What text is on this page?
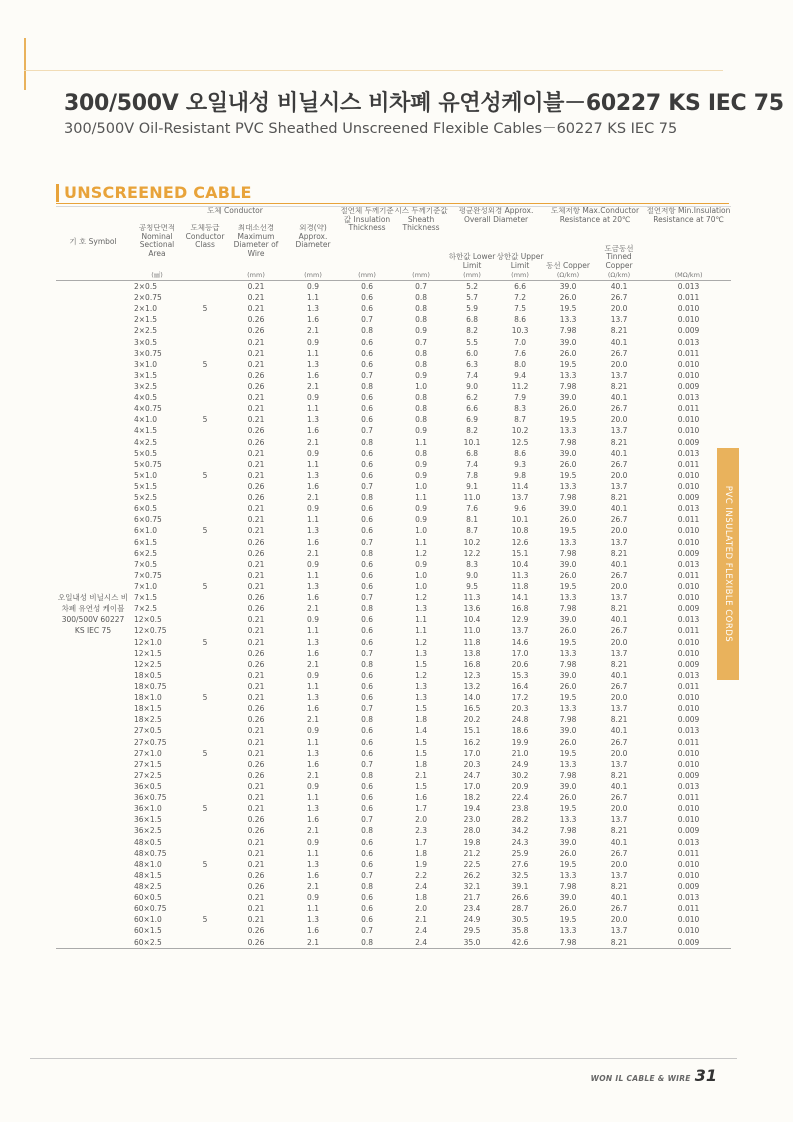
300/500V 오일내성 비닐시스 비차폐 유연성케이블－60227 KS IEC 75
300/500V Oil-Resistant PVC Sheathed Unscreened Flexible Cables－60227 KS IEC 75
UNSCREENED CABLE
기 호 Symbol	도체 Conductor				절연체 두께기준값 Insulation Thickness	시스 두께기준값 Sheath Thickness	평균완성외경 Approx. Overall Diameter		도체저항 Max.Conductor Resistance at 20℃		절연저항 Min.Insulation Resistance at 70℃
	공칭단면적 Nominal Sectional Area	도체등급 Conductor Class	최대소선경 Maximum Diameter of Wire	외경(약) Approx. Diameter			하한값 Lower Limit	상한값 Upper Limit	동선 Copper	도금동선 Tinned Copper	
	(㎟)		(mm)	(mm)	(mm)	(mm)	(mm)	(mm)	(Ω/km)	(Ω/km)	(MΩ/km)
오일내성 비닐시스 비차폐 유연성 케이블 300/500V 60227 KS IEC 75	2×0.5		0.21	0.9	0.6	0.7	5.2	6.6	39.0	40.1	0.013
	2×0.75		0.21	1.1	0.6	0.8	5.7	7.2	26.0	26.7	0.011
	2×1.0	5	0.21	1.3	0.6	0.8	5.9	7.5	19.5	20.0	0.010
	2×1.5		0.26	1.6	0.7	0.8	6.8	8.6	13.3	13.7	0.010
	2×2.5		0.26	2.1	0.8	0.9	8.2	10.3	7.98	8.21	0.009
	3×0.5		0.21	0.9	0.6	0.7	5.5	7.0	39.0	40.1	0.013
	3×0.75		0.21	1.1	0.6	0.8	6.0	7.6	26.0	26.7	0.011
	3×1.0	5	0.21	1.3	0.6	0.8	6.3	8.0	19.5	20.0	0.010
	3×1.5		0.26	1.6	0.7	0.9	7.4	9.4	13.3	13.7	0.010
	3×2.5		0.26	2.1	0.8	1.0	9.0	11.2	7.98	8.21	0.009
	4×0.5		0.21	0.9	0.6	0.8	6.2	7.9	39.0	40.1	0.013
	4×0.75		0.21	1.1	0.6	0.8	6.6	8.3	26.0	26.7	0.011
	4×1.0	5	0.21	1.3	0.6	0.8	6.9	8.7	19.5	20.0	0.010
	4×1.5		0.26	1.6	0.7	0.9	8.2	10.2	13.3	13.7	0.010
	4×2.5		0.26	2.1	0.8	1.1	10.1	12.5	7.98	8.21	0.009
	5×0.5		0.21	0.9	0.6	0.8	6.8	8.6	39.0	40.1	0.013
	5×0.75		0.21	1.1	0.6	0.9	7.4	9.3	26.0	26.7	0.011
	5×1.0	5	0.21	1.3	0.6	0.9	7.8	9.8	19.5	20.0	0.010
	5×1.5		0.26	1.6	0.7	1.0	9.1	11.4	13.3	13.7	0.010
	5×2.5		0.26	2.1	0.8	1.1	11.0	13.7	7.98	8.21	0.009
	6×0.5		0.21	0.9	0.6	0.9	7.6	9.6	39.0	40.1	0.013
	6×0.75		0.21	1.1	0.6	0.9	8.1	10.1	26.0	26.7	0.011
	6×1.0	5	0.21	1.3	0.6	1.0	8.7	10.8	19.5	20.0	0.010
	6×1.5		0.26	1.6	0.7	1.1	10.2	12.6	13.3	13.7	0.010
	6×2.5		0.26	2.1	0.8	1.2	12.2	15.1	7.98	8.21	0.009
	7×0.5		0.21	0.9	0.6	0.9	8.3	10.4	39.0	40.1	0.013
	7×0.75		0.21	1.1	0.6	1.0	9.0	11.3	26.0	26.7	0.011
	7×1.0	5	0.21	1.3	0.6	1.0	9.5	11.8	19.5	20.0	0.010
	7×1.5		0.26	1.6	0.7	1.2	11.3	14.1	13.3	13.7	0.010
	7×2.5		0.26	2.1	0.8	1.3	13.6	16.8	7.98	8.21	0.009
	12×0.5		0.21	0.9	0.6	1.1	10.4	12.9	39.0	40.1	0.013
	12×0.75		0.21	1.1	0.6	1.1	11.0	13.7	26.0	26.7	0.011
	12×1.0	5	0.21	1.3	0.6	1.2	11.8	14.6	19.5	20.0	0.010
	12×1.5		0.26	1.6	0.7	1.3	13.8	17.0	13.3	13.7	0.010
	12×2.5		0.26	2.1	0.8	1.5	16.8	20.6	7.98	8.21	0.009
	18×0.5		0.21	0.9	0.6	1.2	12.3	15.3	39.0	40.1	0.013
	18×0.75		0.21	1.1	0.6	1.3	13.2	16.4	26.0	26.7	0.011
	18×1.0	5	0.21	1.3	0.6	1.3	14.0	17.2	19.5	20.0	0.010
	18×1.5		0.26	1.6	0.7	1.5	16.5	20.3	13.3	13.7	0.010
	18×2.5		0.26	2.1	0.8	1.8	20.2	24.8	7.98	8.21	0.009
	27×0.5		0.21	0.9	0.6	1.4	15.1	18.6	39.0	40.1	0.013
	27×0.75		0.21	1.1	0.6	1.5	16.2	19.9	26.0	26.7	0.011
	27×1.0	5	0.21	1.3	0.6	1.5	17.0	21.0	19.5	20.0	0.010
	27×1.5		0.26	1.6	0.7	1.8	20.3	24.9	13.3	13.7	0.010
	27×2.5		0.26	2.1	0.8	2.1	24.7	30.2	7.98	8.21	0.009
	36×0.5		0.21	0.9	0.6	1.5	17.0	20.9	39.0	40.1	0.013
	36×0.75		0.21	1.1	0.6	1.6	18.2	22.4	26.0	26.7	0.011
	36×1.0	5	0.21	1.3	0.6	1.7	19.4	23.8	19.5	20.0	0.010
	36×1.5		0.26	1.6	0.7	2.0	23.0	28.2	13.3	13.7	0.010
	36×2.5		0.26	2.1	0.8	2.3	28.0	34.2	7.98	8.21	0.009
	48×0.5		0.21	0.9	0.6	1.7	19.8	24.3	39.0	40.1	0.013
	48×0.75		0.21	1.1	0.6	1.8	21.2	25.9	26.0	26.7	0.011
	48×1.0	5	0.21	1.3	0.6	1.9	22.5	27.6	19.5	20.0	0.010
	48×1.5		0.26	1.6	0.7	2.2	26.2	32.5	13.3	13.7	0.010
	48×2.5		0.26	2.1	0.8	2.4	32.1	39.1	7.98	8.21	0.009
	60×0.5		0.21	0.9	0.6	1.8	21.7	26.6	39.0	40.1	0.013
	60×0.75		0.21	1.1	0.6	2.0	23.4	28.7	26.0	26.7	0.011
	60×1.0	5	0.21	1.3	0.6	2.1	24.9	30.5	19.5	20.0	0.010
	60×1.5		0.26	1.6	0.7	2.4	29.5	35.8	13.3	13.7	0.010
	60×2.5		0.26	2.1	0.8	2.4	35.0	42.6	7.98	8.21	0.009
PVC INSULATED FLEXIBLE CORDS
WON IL CABLE & WIRE 31
